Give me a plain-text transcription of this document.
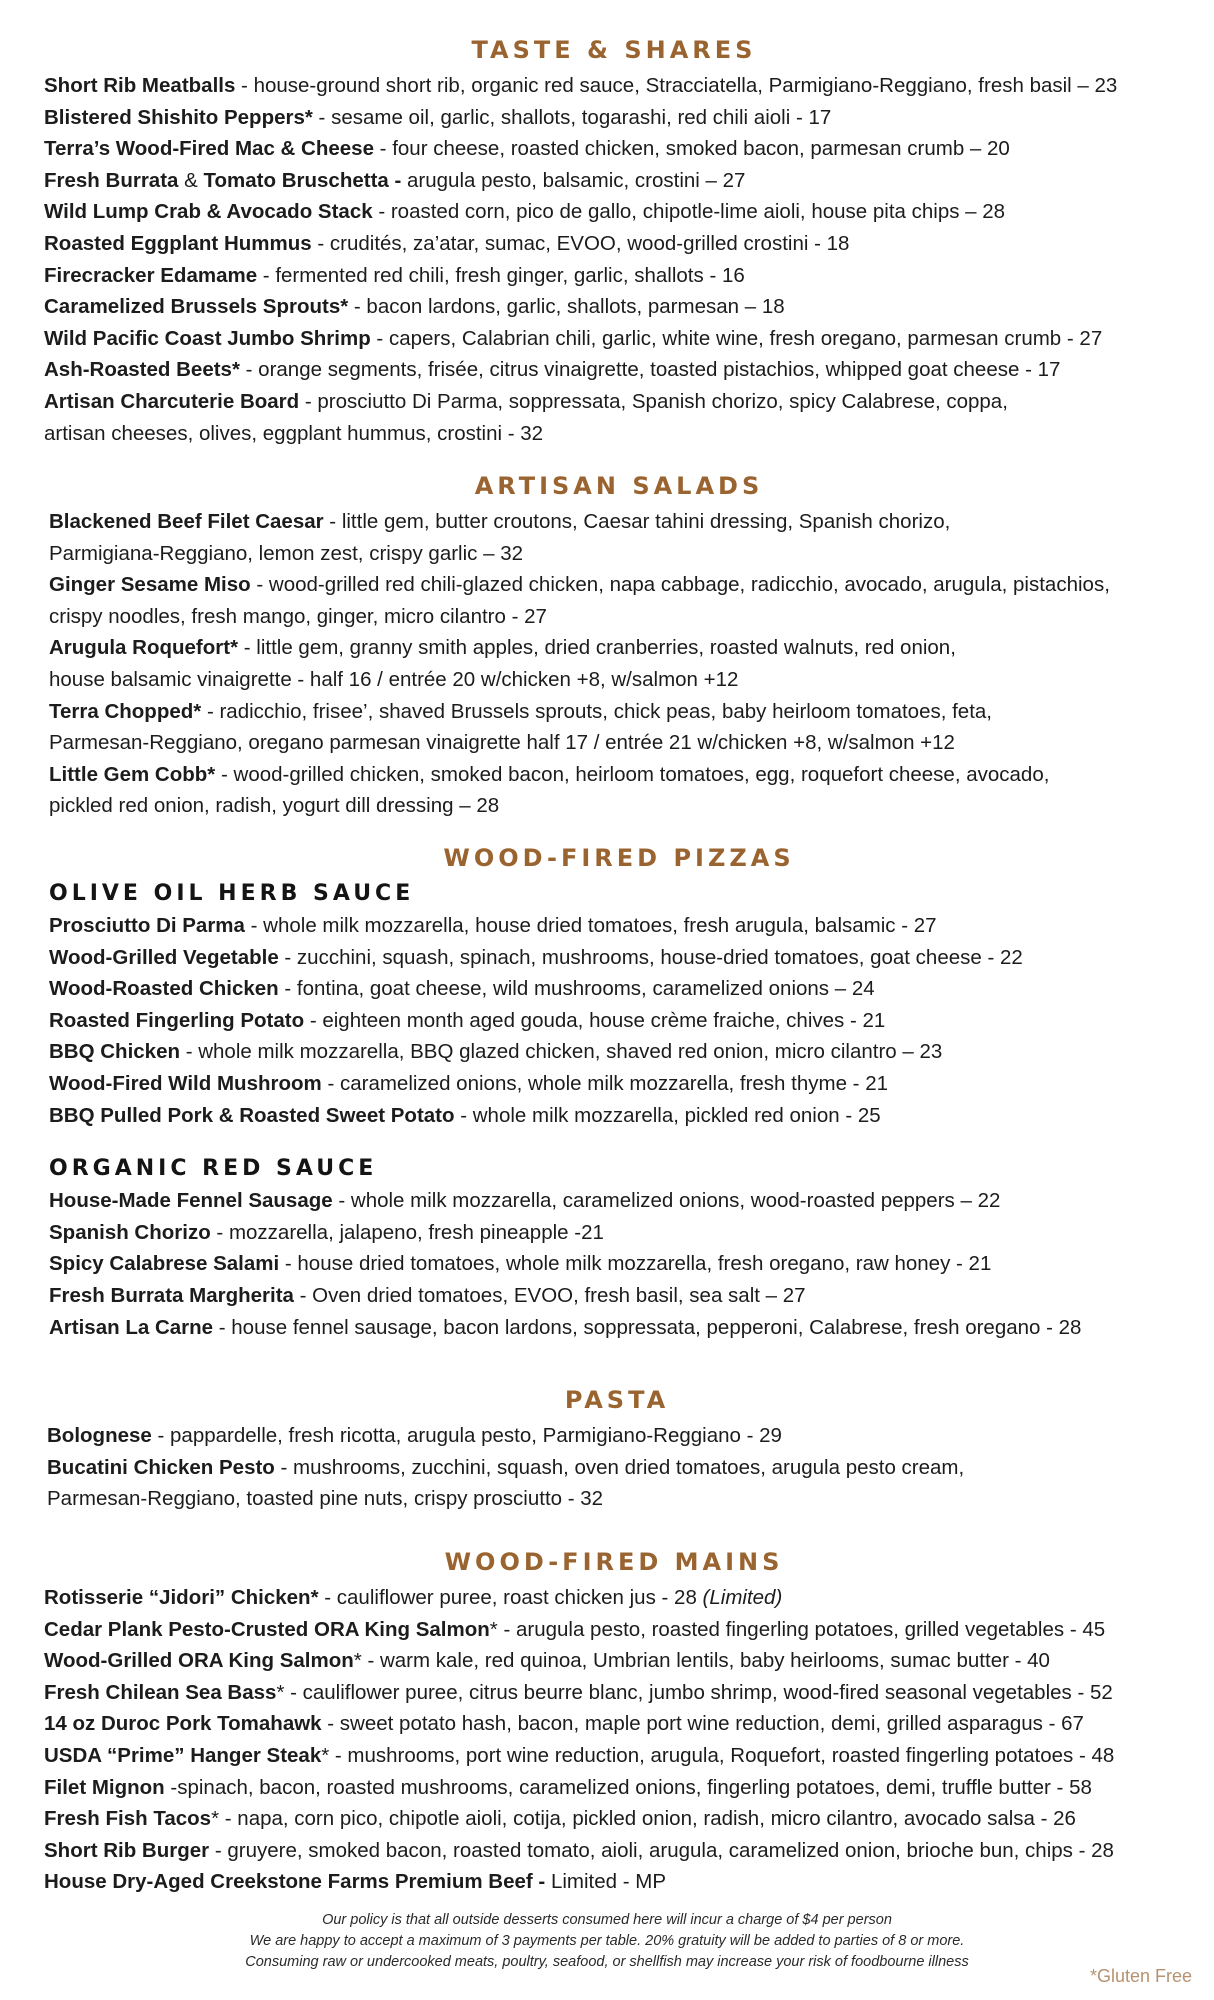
TASTE & SHARES
Short Rib Meatballs - house-ground short rib, organic red sauce, Stracciatella, Parmigiano-Reggiano, fresh basil – 23
Blistered Shishito Peppers* - sesame oil, garlic, shallots, togarashi, red chili aioli - 17
Terra’s Wood-Fired Mac & Cheese - four cheese, roasted chicken, smoked bacon, parmesan crumb – 20
Fresh Burrata & Tomato Bruschetta - arugula pesto, balsamic, crostini – 27
Wild Lump Crab & Avocado Stack - roasted corn, pico de gallo, chipotle-lime aioli, house pita chips – 28
Roasted Eggplant Hummus - crudités, za’atar, sumac, EVOO, wood-grilled crostini - 18
Firecracker Edamame - fermented red chili, fresh ginger, garlic, shallots - 16
Caramelized Brussels Sprouts* - bacon lardons, garlic, shallots, parmesan – 18
Wild Pacific Coast Jumbo Shrimp - capers, Calabrian chili, garlic, white wine, fresh oregano, parmesan crumb - 27
Ash-Roasted Beets* - orange segments, frisée, citrus vinaigrette, toasted pistachios, whipped goat cheese - 17
Artisan Charcuterie Board - prosciutto Di Parma, soppressata, Spanish chorizo, spicy Calabrese, coppa,
artisan cheeses, olives, eggplant hummus, crostini - 32
ARTISAN SALADS
Blackened Beef Filet Caesar - little gem, butter croutons, Caesar tahini dressing, Spanish chorizo,
Parmigiana-Reggiano, lemon zest, crispy garlic – 32
Ginger Sesame Miso - wood-grilled red chili-glazed chicken, napa cabbage, radicchio, avocado, arugula, pistachios,
crispy noodles, fresh mango, ginger, micro cilantro - 27
Arugula Roquefort* - little gem, granny smith apples, dried cranberries, roasted walnuts, red onion,
house balsamic vinaigrette - half 16 / entrée 20 w/chicken +8, w/salmon +12
Terra Chopped* - radicchio, frisee’, shaved Brussels sprouts, chick peas, baby heirloom tomatoes, feta,
Parmesan-Reggiano, oregano parmesan vinaigrette half 17 / entrée 21 w/chicken +8, w/salmon +12
Little Gem Cobb* - wood-grilled chicken, smoked bacon, heirloom tomatoes, egg, roquefort cheese, avocado,
pickled red onion, radish, yogurt dill dressing – 28
WOOD-FIRED PIZZAS
OLIVE OIL HERB SAUCE
Prosciutto Di Parma - whole milk mozzarella, house dried tomatoes, fresh arugula, balsamic - 27
Wood-Grilled Vegetable - zucchini, squash, spinach, mushrooms, house-dried tomatoes, goat cheese - 22
Wood-Roasted Chicken - fontina, goat cheese, wild mushrooms, caramelized onions – 24
Roasted Fingerling Potato - eighteen month aged gouda, house crème fraiche, chives - 21
BBQ Chicken - whole milk mozzarella, BBQ glazed chicken, shaved red onion, micro cilantro – 23
Wood-Fired Wild Mushroom - caramelized onions, whole milk mozzarella, fresh thyme - 21
BBQ Pulled Pork & Roasted Sweet Potato - whole milk mozzarella, pickled red onion - 25
ORGANIC RED SAUCE
House-Made Fennel Sausage - whole milk mozzarella, caramelized onions, wood-roasted peppers – 22
Spanish Chorizo - mozzarella, jalapeno, fresh pineapple -21
Spicy Calabrese Salami - house dried tomatoes, whole milk mozzarella, fresh oregano, raw honey - 21
Fresh Burrata Margherita - Oven dried tomatoes, EVOO, fresh basil, sea salt – 27
Artisan La Carne - house fennel sausage, bacon lardons, soppressata, pepperoni, Calabrese, fresh oregano - 28
PASTA
Bolognese - pappardelle, fresh ricotta, arugula pesto, Parmigiano-Reggiano - 29
Bucatini Chicken Pesto - mushrooms, zucchini, squash, oven dried tomatoes, arugula pesto cream,
Parmesan-Reggiano, toasted pine nuts, crispy prosciutto - 32
WOOD-FIRED MAINS
Rotisserie “Jidori” Chicken* - cauliflower puree, roast chicken jus - 28 (Limited)
Cedar Plank Pesto-Crusted ORA King Salmon* - arugula pesto, roasted fingerling potatoes, grilled vegetables - 45
Wood-Grilled ORA King Salmon* - warm kale, red quinoa, Umbrian lentils, baby heirlooms, sumac butter - 40
Fresh Chilean Sea Bass* - cauliflower puree, citrus beurre blanc, jumbo shrimp, wood-fired seasonal vegetables - 52
14 oz Duroc Pork Tomahawk - sweet potato hash, bacon, maple port wine reduction, demi, grilled asparagus - 67
USDA “Prime” Hanger Steak* - mushrooms, port wine reduction, arugula, Roquefort, roasted fingerling potatoes - 48
Filet Mignon -spinach, bacon, roasted mushrooms, caramelized onions, fingerling potatoes, demi, truffle butter - 58
Fresh Fish Tacos* - napa, corn pico, chipotle aioli, cotija, pickled onion, radish, micro cilantro, avocado salsa - 26
Short Rib Burger - gruyere, smoked bacon, roasted tomato, aioli, arugula, caramelized onion, brioche bun, chips - 28
House Dry-Aged Creekstone Farms Premium Beef - Limited - MP
Our policy is that all outside desserts consumed here will incur a charge of $4 per person
We are happy to accept a maximum of 3 payments per table. 20% gratuity will be added to parties of 8 or more.
Consuming raw or undercooked meats, poultry, seafood, or shellfish may increase your risk of foodbourne illness
*Gluten Free
